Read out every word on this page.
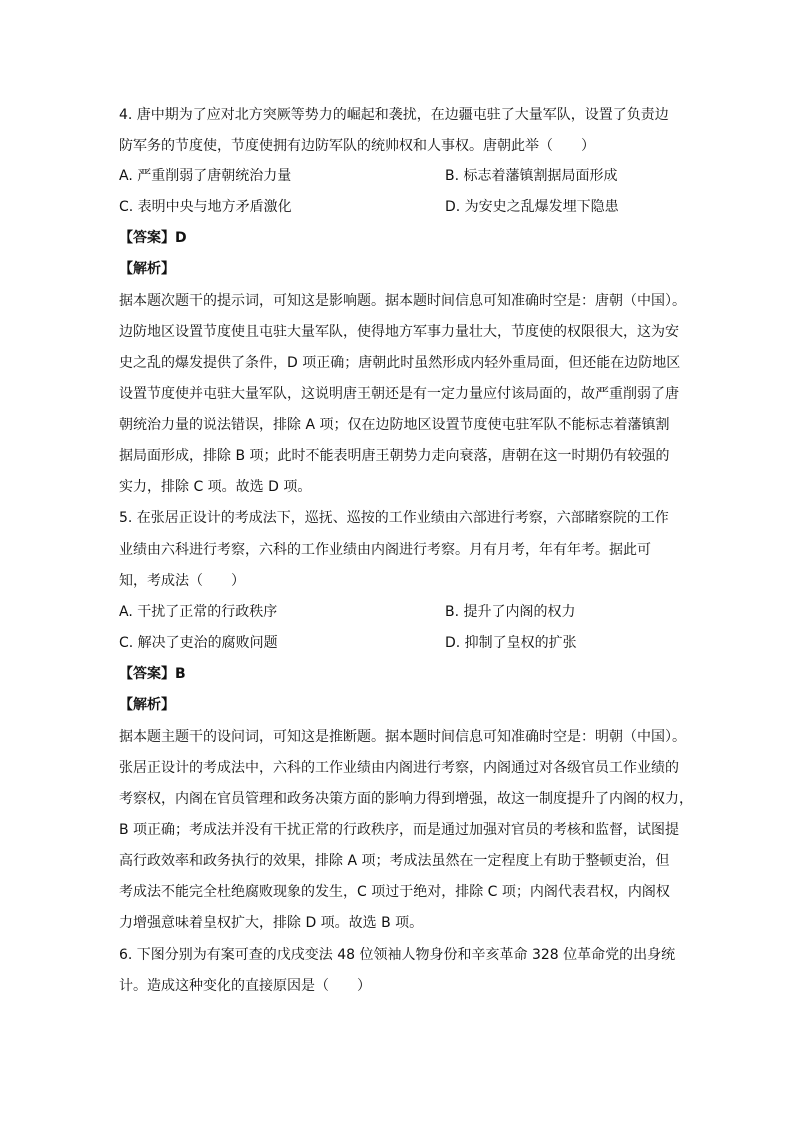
4. 唐中期为了应对北方突厥等势力的崛起和袭扰，在边疆屯驻了大量军队，设置了负责边
防军务的节度使，节度使拥有边防军队的统帅权和人事权。唐朝此举（　　）
A. 严重削弱了唐朝统治力量	B. 标志着藩镇割据局面形成
C. 表明中央与地方矛盾激化	D. 为安史之乱爆发埋下隐患
【答案】D
【解析】
据本题次题干的提示词，可知这是影响题。据本题时间信息可知准确时空是：唐朝（中国）。
边防地区设置节度使且屯驻大量军队，使得地方军事力量壮大，节度使的权限很大，这为安
史之乱的爆发提供了条件，D 项正确；唐朝此时虽然形成内轻外重局面，但还能在边防地区
设置节度使并屯驻大量军队，这说明唐王朝还是有一定力量应付该局面的，故严重削弱了唐
朝统治力量的说法错误，排除 A 项；仅在边防地区设置节度使屯驻军队不能标志着藩镇割
据局面形成，排除 B 项；此时不能表明唐王朝势力走向衰落，唐朝在这一时期仍有较强的
实力，排除 C 项。故选 D 项。
5. 在张居正设计的考成法下，巡抚、巡按的工作业绩由六部进行考察，六部睹察院的工作
业绩由六科进行考察，六科的工作业绩由内阁进行考察。月有月考，年有年考。据此可
知，考成法（　　）
A. 干扰了正常的行政秩序	B. 提升了内阁的权力
C. 解决了吏治的腐败问题	D. 抑制了皇权的扩张
【答案】B
【解析】
据本题主题干的设问词，可知这是推断题。据本题时间信息可知准确时空是：明朝（中国）。
张居正设计的考成法中，六科的工作业绩由内阁进行考察，内阁通过对各级官员工作业绩的
考察权，内阁在官员管理和政务决策方面的影响力得到增强，故这一制度提升了内阁的权力，
B 项正确；考成法并没有干扰正常的行政秩序，而是通过加强对官员的考核和监督，试图提
高行政效率和政务执行的效果，排除 A 项；考成法虽然在一定程度上有助于整顿吏治，但
考成法不能完全杜绝腐败现象的发生，C 项过于绝对，排除 C 项；内阁代表君权，内阁权
力增强意味着皇权扩大，排除 D 项。故选 B 项。
6. 下图分别为有案可查的戊戌变法 48 位领袖人物身份和辛亥革命 328 位革命党的出身统
计。造成这种变化的直接原因是（　　）
